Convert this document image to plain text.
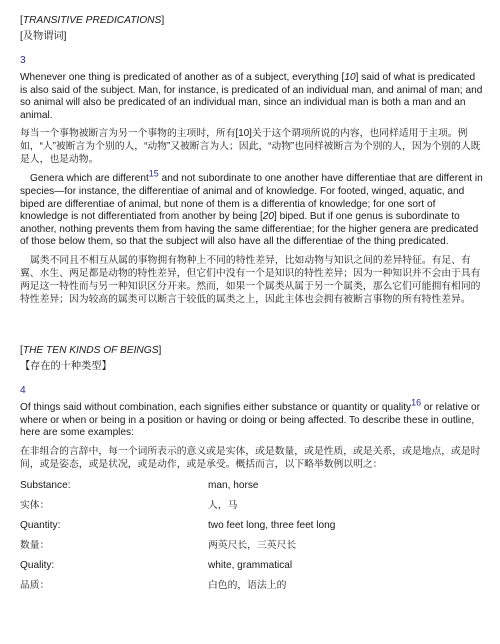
[TRANSITIVE PREDICATIONS]

[及物谓词]

3

Whenever one thing is predicated of another as of a subject, everything [10] said of what is predicated is also said of the subject. Man, for instance, is predicated of an individual man, and animal of man; and so animal will also be predicated of an individual man, since an individual man is both a man and an animal.

每当一个事物被断言为另一个事物的主项时，所有[10]关于这个谓项所说的内容，也同样适用于主项。例如，“人”被断言为个别的人，“动物”又被断言为人；因此，“动物”也同样被断言为个别的人，因为个别的人既是人，也是动物。

Genera which are different$^{15}$ and not subordinate to one another have differentiae that are different in species—for instance, the differentiae of animal and of knowledge. For footed, winged, aquatic, and biped are differentiae of animal, but none of them is a differentia of knowledge; for one sort of knowledge is not differentiated from another by being [20] biped. But if one genus is subordinate to another, nothing prevents them from having the same differentiae; for the higher genera are predicated of those below them, so that the subject will also have all the differentiae of the thing predicated.

属类不同且不相互从属的事物拥有物种上不同的特性差异，比如动物与知识之间的差异特征。有足、有翼、水生、两足都是动物的特性差异，但它们中没有一个是知识的特性差异；因为一种知识并不会由于具有两足这一特性而与另一种知识区分开来。然而，如果一个属类从属于另一个属类，那么它们可能拥有相同的特性差异；因为较高的属类可以断言于较低的属类之上，因此主体也会拥有被断言事物的所有特性差异。

[THE TEN KINDS OF BEINGS]

【存在的十种类型】

4

Of things said without combination, each signifies either substance or quantity or quality$^{16}$ or relative or where or when or being in a position or having or doing or being affected. To describe these in outline, here are some examples:

在非组合的言辞中，每一个词所表示的意义或是实体，或是数量，或是性质，或是关系，或是地点，或是时间，或是姿态，或是状况，或是动作，或是承受。概括而言，以下略举数例以明之：

Substance:	man, horse
实体：	人，马
Quantity:	two feet long, three feet long
数量：	两英尺长，三英尺长
Quality:	white, grammatical
品质：	白色的，语法上的
